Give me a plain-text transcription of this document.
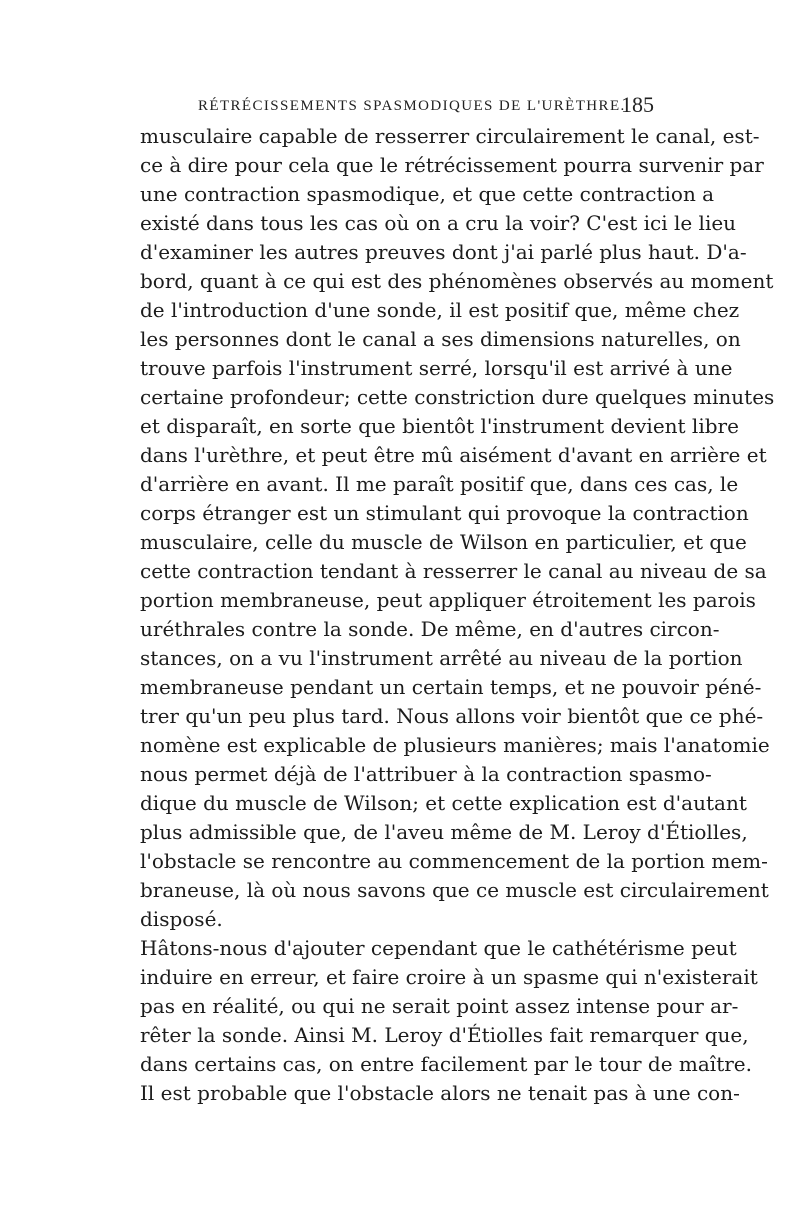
RÉTRÉCISSEMENTS SPASMODIQUES DE L'URÈTHRE.
185
musculaire capable de resserrer circulairement le canal, est-
ce à dire pour cela que le rétrécissement pourra survenir par
une contraction spasmodique, et que cette contraction a
existé dans tous les cas où on a cru la voir? C'est ici le lieu
d'examiner les autres preuves dont j'ai parlé plus haut. D'a-
bord, quant à ce qui est des phénomènes observés au moment
de l'introduction d'une sonde, il est positif que, même chez
les personnes dont le canal a ses dimensions naturelles, on
trouve parfois l'instrument serré, lorsqu'il est arrivé à une
certaine profondeur; cette constriction dure quelques minutes
et disparaît, en sorte que bientôt l'instrument devient libre
dans l'urèthre, et peut être mû aisément d'avant en arrière et
d'arrière en avant. Il me paraît positif que, dans ces cas, le
corps étranger est un stimulant qui provoque la contraction
musculaire, celle du muscle de Wilson en particulier, et que
cette contraction tendant à resserrer le canal au niveau de sa
portion membraneuse, peut appliquer étroitement les parois
uréthrales contre la sonde. De même, en d'autres circon-
stances, on a vu l'instrument arrêté au niveau de la portion
membraneuse pendant un certain temps, et ne pouvoir péné-
trer qu'un peu plus tard. Nous allons voir bientôt que ce phé-
nomène est explicable de plusieurs manières; mais l'anatomie
nous permet déjà de l'attribuer à la contraction spasmo-
dique du muscle de Wilson; et cette explication est d'autant
plus admissible que, de l'aveu même de M. Leroy d'Étiolles,
l'obstacle se rencontre au commencement de la portion mem-
braneuse, là où nous savons que ce muscle est circulairement
disposé.
Hâtons-nous d'ajouter cependant que le cathétérisme peut
induire en erreur, et faire croire à un spasme qui n'existerait
pas en réalité, ou qui ne serait point assez intense pour ar-
rêter la sonde. Ainsi M. Leroy d'Étiolles fait remarquer que,
dans certains cas, on entre facilement par le tour de maître.
Il est probable que l'obstacle alors ne tenait pas à une con-
